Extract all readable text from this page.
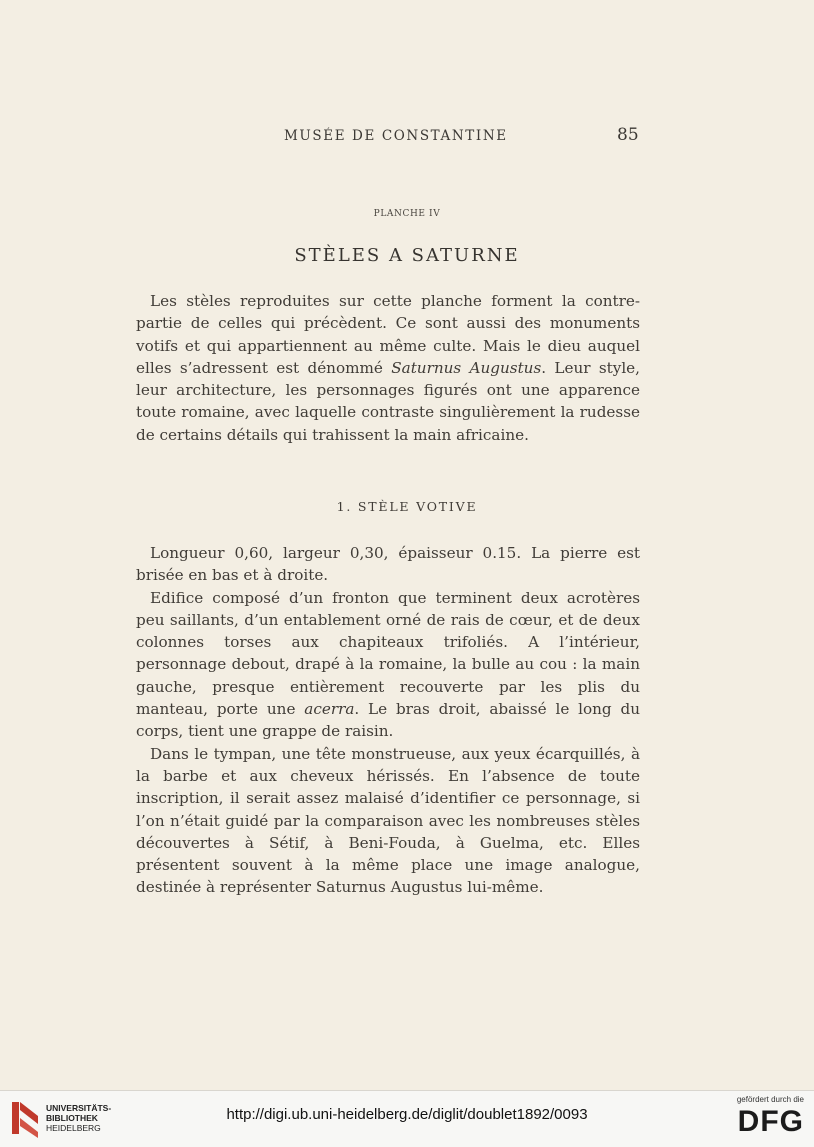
MUSÉE DE CONSTANTINE	85
PLANCHE IV
STÈLES A SATURNE

Les stèles reproduites sur cette planche forment la contre-partie de celles qui précèdent. Ce sont aussi des monuments votifs et qui appartiennent au même culte. Mais le dieu auquel elles s’adressent est dénommé Saturnus Augustus. Leur style, leur architecture, les personnages figurés ont une apparence toute romaine, avec laquelle contraste singulièrement la rudesse de certains détails qui trahissent la main africaine.

1. STÈLE VOTIVE

Longueur 0,60, largeur 0,30, épaisseur 0.15. La pierre est brisée en bas et à droite.

Edifice composé d’un fronton que terminent deux acrotères peu saillants, d’un entablement orné de rais de cœur, et de deux colonnes torses aux chapiteaux trifoliés. A l’intérieur, personnage debout, drapé à la romaine, la bulle au cou : la main gauche, presque entièrement recouverte par les plis du manteau, porte une acerra. Le bras droit, abaissé le long du corps, tient une grappe de raisin.

Dans le tympan, une tête monstrueuse, aux yeux écarquillés, à la barbe et aux cheveux hérissés. En l’absence de toute inscription, il serait assez malaisé d’identifier ce personnage, si l’on n’était guidé par la comparaison avec les nombreuses stèles découvertes à Sétif, à Beni-Fouda, à Guelma, etc. Elles présentent souvent à la même place une image analogue, destinée à représenter Saturnus Augustus lui-même.

UNIVERSITÄTS-
BIBLIOTHEK
HEIDELBERG
http://digi.ub.uni-heidelberg.de/diglit/doublet1892/0093
gefördert durch die
DFG
